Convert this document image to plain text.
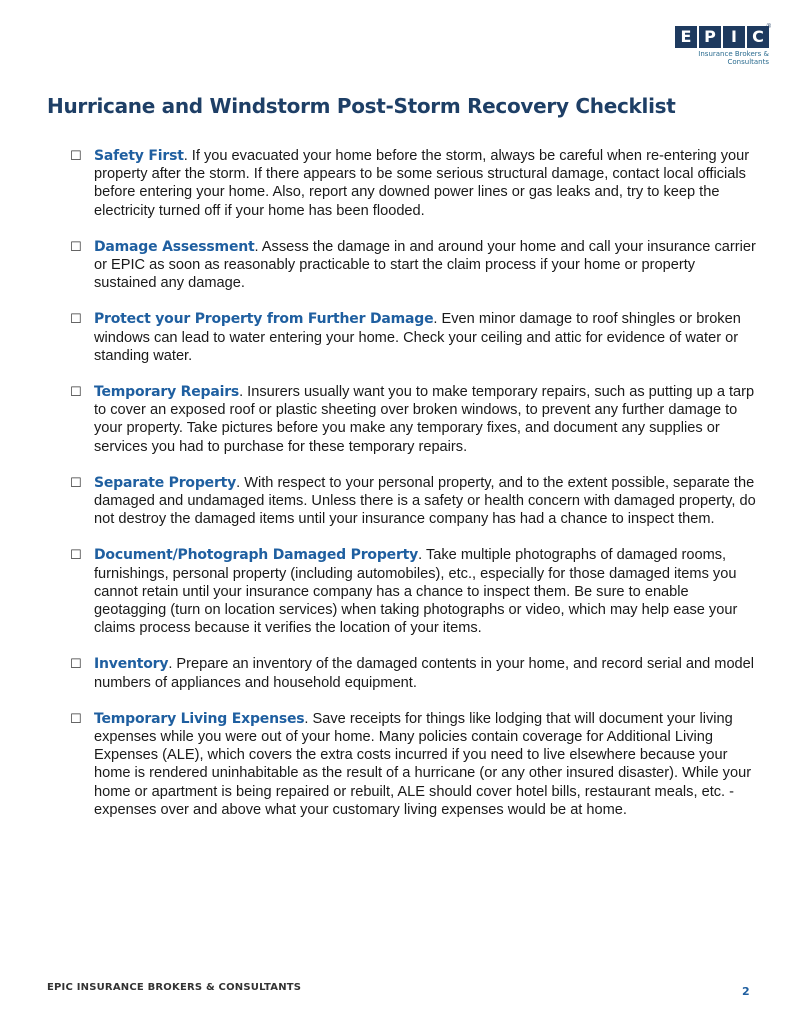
E P I C ®
Insurance Brokers &
Consultants
Hurricane and Windstorm Post-Storm Recovery Checklist
☐ Safety First. If you evacuated your home before the storm, always be careful when re-entering your property after the storm. If there appears to be some serious structural damage, contact local officials before entering your home. Also, report any downed power lines or gas leaks and, try to keep the electricity turned off if your home has been flooded.
☐ Damage Assessment. Assess the damage in and around your home and call your insurance carrier or EPIC as soon as reasonably practicable to start the claim process if your home or property sustained any damage.
☐ Protect your Property from Further Damage. Even minor damage to roof shingles or broken windows can lead to water entering your home. Check your ceiling and attic for evidence of water or standing water.
☐ Temporary Repairs. Insurers usually want you to make temporary repairs, such as putting up a tarp to cover an exposed roof or plastic sheeting over broken windows, to prevent any further damage to your property. Take pictures before you make any temporary fixes, and document any supplies or services you had to purchase for these temporary repairs.
☐ Separate Property. With respect to your personal property, and to the extent possible, separate the damaged and undamaged items. Unless there is a safety or health concern with damaged property, do not destroy the damaged items until your insurance company has had a chance to inspect them.
☐ Document/Photograph Damaged Property. Take multiple photographs of damaged rooms, furnishings, personal property (including automobiles), etc., especially for those damaged items you cannot retain until your insurance company has a chance to inspect them. Be sure to enable geotagging (turn on location services) when taking photographs or video, which may help ease your claims process because it verifies the location of your items.
☐ Inventory. Prepare an inventory of the damaged contents in your home, and record serial and model numbers of appliances and household equipment.
☐ Temporary Living Expenses. Save receipts for things like lodging that will document your living expenses while you were out of your home. Many policies contain coverage for Additional Living Expenses (ALE), which covers the extra costs incurred if you need to live elsewhere because your home is rendered uninhabitable as the result of a hurricane (or any other insured disaster). While your home or apartment is being repaired or rebuilt, ALE should cover hotel bills, restaurant meals, etc. - expenses over and above what your customary living expenses would be at home.
EPIC INSURANCE BROKERS & CONSULTANTS	2
